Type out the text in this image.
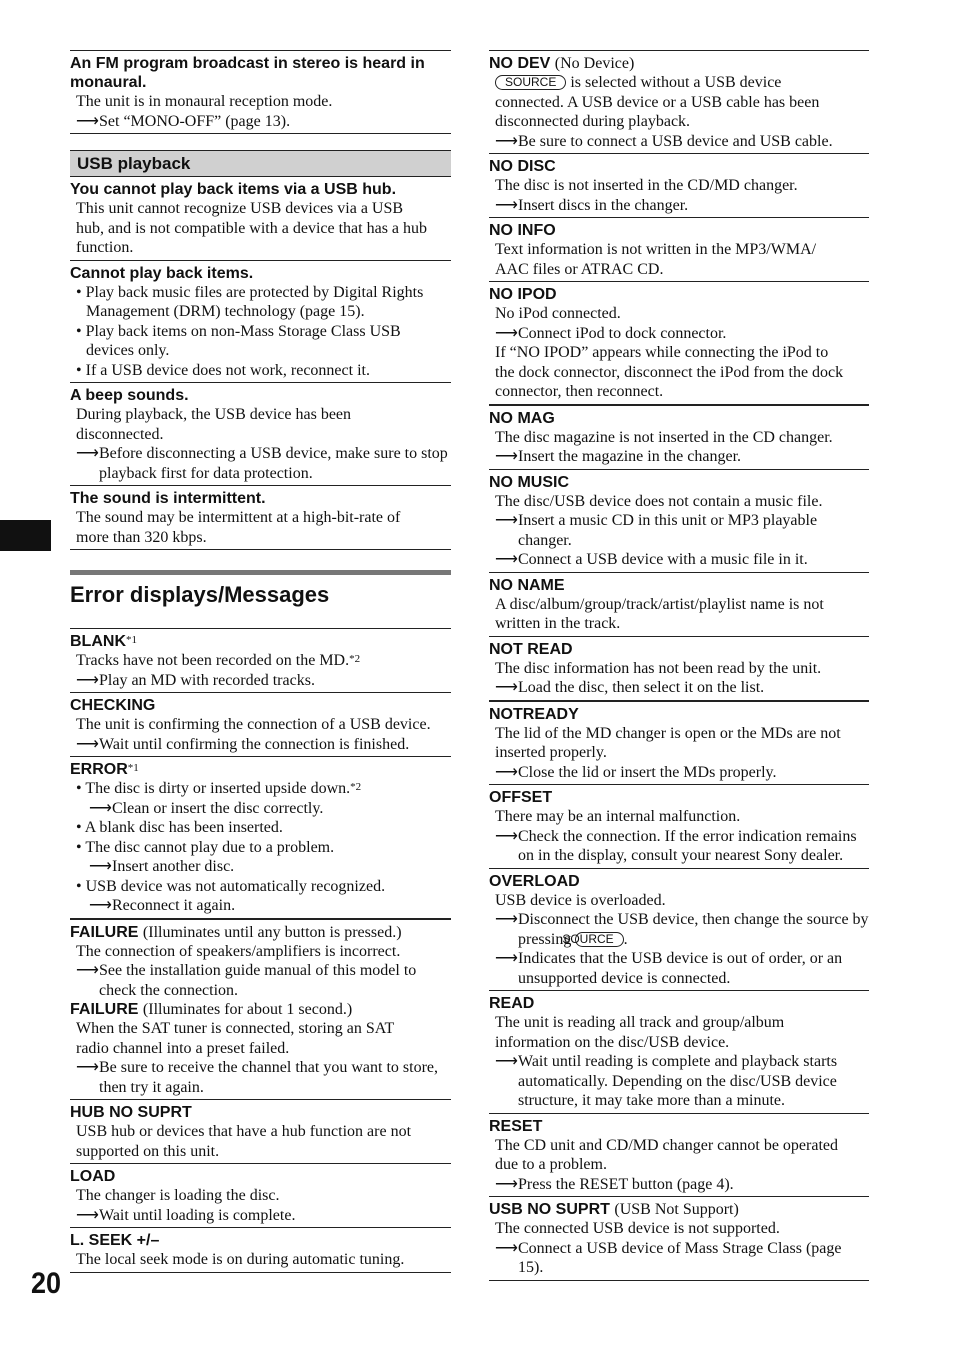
20
An FM program broadcast in stereo is heard in monaural.
The unit is in monaural reception mode.
⟶Set “MONO-OFF” (page 13).
USB playback
You cannot play back items via a USB hub.
This unit cannot recognize USB devices via a USB
hub, and is not compatible with a device that has a hub
function.
Cannot play back items.
• Play back music files are protected by Digital Rights Management (DRM) technology (page 15).
• Play back items on non-Mass Storage Class USB devices only.
• If a USB device does not work, reconnect it.
A beep sounds.
During playback, the USB device has been
disconnected.
⟶Before disconnecting a USB device, make sure to stop playback first for data protection.
The sound is intermittent.
The sound may be intermittent at a high-bit-rate of
more than 320 kbps.
Error displays/Messages
BLANK$^{*1}$
Tracks have not been recorded on the MD.$^{*2}$
⟶Play an MD with recorded tracks.
CHECKING
The unit is confirming the connection of a USB device.
⟶Wait until confirming the connection is finished.
ERROR$^{*1}$
• The disc is dirty or inserted upside down.$^{*2}$
⟶Clean or insert the disc correctly.
• A blank disc has been inserted.
• The disc cannot play due to a problem.
⟶Insert another disc.
• USB device was not automatically recognized.
⟶Reconnect it again.
FAILURE (Illuminates until any button is pressed.)
The connection of speakers/amplifiers is incorrect.
⟶See the installation guide manual of this model to check the connection.
FAILURE (Illuminates for about 1 second.)
When the SAT tuner is connected, storing an SAT
radio channel into a preset failed.
⟶Be sure to receive the channel that you want to store, then try it again.
HUB NO SUPRT
USB hub or devices that have a hub function are not
supported on this unit.
LOAD
The changer is loading the disc.
⟶Wait until loading is complete.
L. SEEK +/–
The local seek mode is on during automatic tuning.
NO DEV (No Device)
SOURCE is selected without a USB device
connected. A USB device or a USB cable has been
disconnected during playback.
⟶Be sure to connect a USB device and USB cable.
NO DISC
The disc is not inserted in the CD/MD changer.
⟶Insert discs in the changer.
NO INFO
Text information is not written in the MP3/WMA/
AAC files or ATRAC CD.
NO IPOD
No iPod connected.
⟶Connect iPod to dock connector.
If “NO IPOD” appears while connecting the iPod to
the dock connector, disconnect the iPod from the dock
connector, then reconnect.
NO MAG
The disc magazine is not inserted in the CD changer.
⟶Insert the magazine in the changer.
NO MUSIC
The disc/USB device does not contain a music file.
⟶Insert a music CD in this unit or MP3 playable changer.
⟶Connect a USB device with a music file in it.
NO NAME
A disc/album/group/track/artist/playlist name is not
written in the track.
NOT READ
The disc information has not been read by the unit.
⟶Load the disc, then select it on the list.
NOTREADY
The lid of the MD changer is open or the MDs are not
inserted properly.
⟶Close the lid or insert the MDs properly.
OFFSET
There may be an internal malfunction.
⟶Check the connection. If the error indication remains on in the display, consult your nearest Sony dealer.
OVERLOAD
USB device is overloaded.
⟶Disconnect the USB device, then change the source by pressing SOURCE .
⟶Indicates that the USB device is out of order, or an unsupported device is connected.
READ
The unit is reading all track and group/album
information on the disc/USB device.
⟶Wait until reading is complete and playback starts automatically. Depending on the disc/USB device structure, it may take more than a minute.
RESET
The CD unit and CD/MD changer cannot be operated
due to a problem.
⟶Press the RESET button (page 4).
USB NO SUPRT (USB Not Support)
The connected USB device is not supported.
⟶Connect a USB device of Mass Strage Class (page 15).
